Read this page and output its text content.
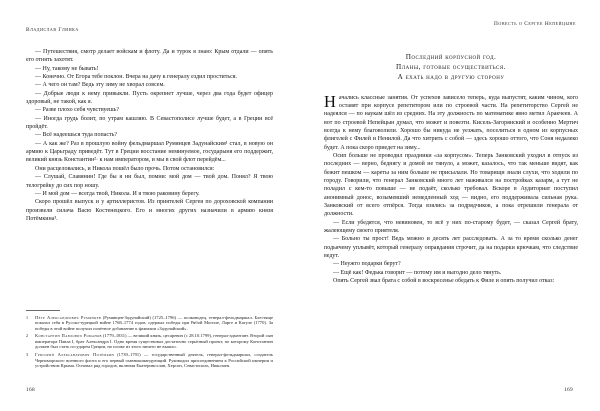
Владислав Глинка

— Путешествия, смотр делает войскам и флоту. Да и турок я знаю: Крым отдали — опять его отнять захотят.

— Ну, такому не бывать!

— Конечно. От Егора тебе поклон. Вчера на дачу к генералу ездил проститься.

— А чего он там? Ведь эту зиму не хворал совсем.

— Добрые люди к нему привыкли. Пусть окрепнет лучше, через два года будет офицер здоровый, не такой, как я.

— Разве плохо себя чувствуешь?

— Иногда грудь болит, по утрам кашляю. В Севастополисе лучше будет, а в Греции всё пройдёт.

— Всё надеешься туда попасть?

— А как же? Раз в прошлую войну фельдмаршал Румянцев Задунайским¹ стал, в новую он армию к Царьграду приведёт. Тут в Греции восстание неминуемое, государыня его поддержит, великий князь Константин²· к нам императором, и мы в свой флот перейдём...

Они расцеловались, и Никола пошёл было прочь. Потом остановился:

— Слушай, Славянин! Где бы я ни был, помни: мой дом — твой дом. Понял? Я твою телогрейку до сих пор ношу.

— И мой дом — всегда твой, Никола. И я твою раковину берегу.

Скоро прошёл выпуск и у артиллеристов. Из приятелей Сергея по дороховской компании произвели силача Васю Костенецкого. Его и многих других назначили в армию князя Потёмкина³.

1	Пётр Александрович Румянцев (Румянцев-Задунайский) (1725–1796) — полководец, генерал-фельдмаршал. Блестяще показал себя в Русско-турецкой войне 1768–1774 годов, одержал победы при Рябой Могиле, Ларге и Кагуле (1770). За победы в этой войне получил почётное добавление к фамилии «Задунайский».
2	Константин Павлович Романов (1779–1831) — великий князь, цесаревич (с 28.10.1799), генерал-адъютант. Второй сын императора Павла I, брат Александра I. Одно время существовал достаточно серьёзный проект, по которому Константин должен был стать государем Греции, но позже из этого ничего не вышло.
3	Григорий Александрович Потёмкин (1739–1791) — государственный деятель, генерал-фельдмаршал, создатель Черноморского военного флота и его первый главнокомандующий. Руководил присоединением к Российской империи и устройством Крыма. Основал ряд городов, включая Екатеринослав, Херсон, Севастополь, Николаев.
168
Повесть о Сергее Непейцыне
Последний корпусной год.
Планы, готовые осуществиться.
А ехать надо в другую сторону

Начались классные занятия. От успехов зависело теперь, куда выпустят, каким чином, кого оставят при корпусе репетитором или по строевой части. На репетиторство Сергей не надеялся — по наукам шёл из средних. На эту должность по математике явно метил Аракчеев. А вот по строевой Непейцын думал, что может и повезти. Кисель-Загорянский и особенно Мертич всегда к нему благоволили. Хорошо бы никуда не уезжать, поселиться в одном из корпусных флигелей с Филей и Ненилой. Да что хитрить с собой — здесь хорошо оттого, что Соня недалеко будет. А пока скоро приедет на зиму...

Осип больше не проводил праздники «за корпусом». Теперь Занковский уходил в отпуск из последних — верно, беднягу и домой не тянуло, а может, казалось, что так меньше видят, как бежит пешком — кареты за ним больше не присылали. Но товарищи знали слухи, что ходили по городу. Говорили, что генерал Занковский много лет наживался на постройках казарм, а тут не поладил с кем-то повыше — не подаёт, сколько требовал. Вскоре в Аудиториат поступил анонимный донос, возымевший немедленный ход — видно, его поддерживала сильная рука. Занковский от всего отпёрся. Тогда взялись за подрядчиков, а пока отрешили генерала от должности.

— Если убедятся, что невиновен, то всё у них по-старому будет, — сказал Сергей брату, жалеющему своего приятеля.

— Больно ты прост! Ведь можно и десять лет расследовать. А за то время сколько денег подьячему уплывёт, который генералу оправдания строчит, да на подарки крючкам, что следствие ведут.

— Неужто подарки берут?

— Ещё как! Федька говорит — потому им и выгодно дело тянуть.

Опять Сергей звал брата с собой в воскресенье обедать к Филе и опять получил отказ:

169
